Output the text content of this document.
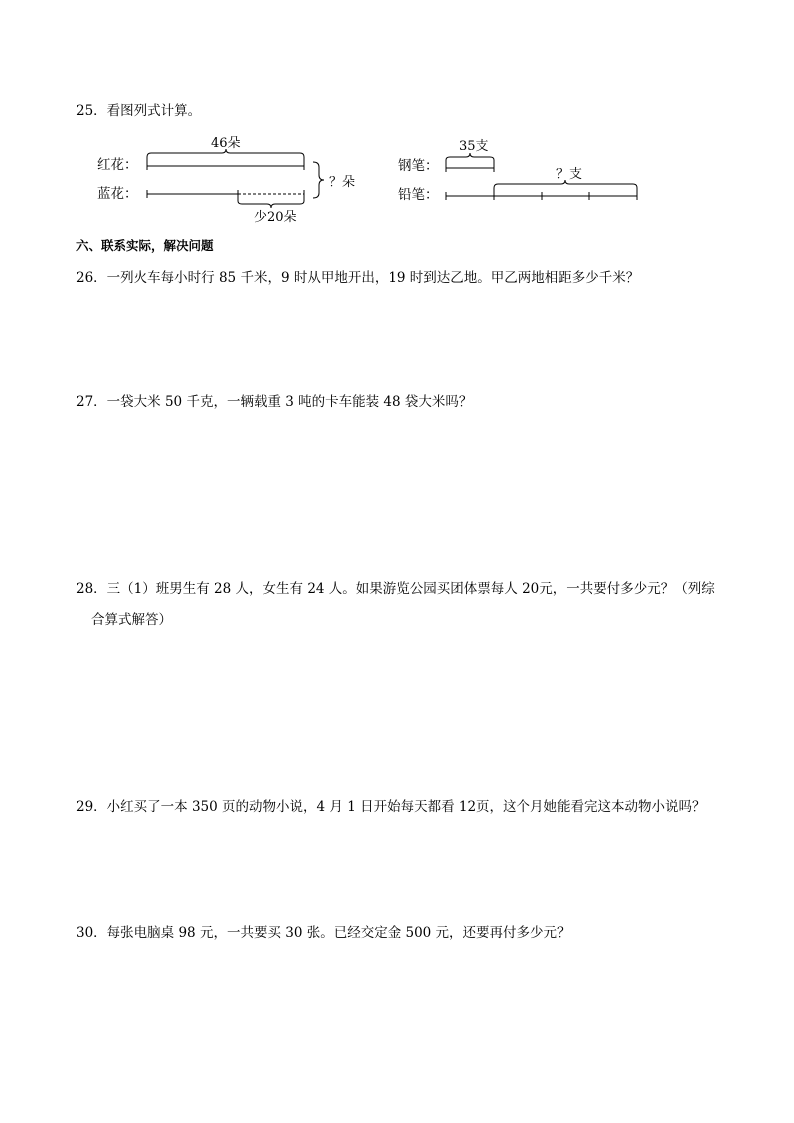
25．看图列式计算。
红花：
蓝花：
46朵
少20朵
？朵
钢笔：
铅笔：
35支
？支
六、联系实际，解决问题
26．一列火车每小时行 85 千米，9 时从甲地开出，19 时到达乙地。甲乙两地相距多少千米？
27．一袋大米 50 千克，一辆载重 3 吨的卡车能装 48 袋大米吗？
28．三（1）班男生有 28 人，女生有 24 人。如果游览公园买团体票每人 20元，一共要付多少元？（列综
合算式解答）
29．小红买了一本 350 页的动物小说，4 月 1 日开始每天都看 12页，这个月她能看完这本动物小说吗？
30．每张电脑桌 98 元，一共要买 30 张。已经交定金 500 元，还要再付多少元？
